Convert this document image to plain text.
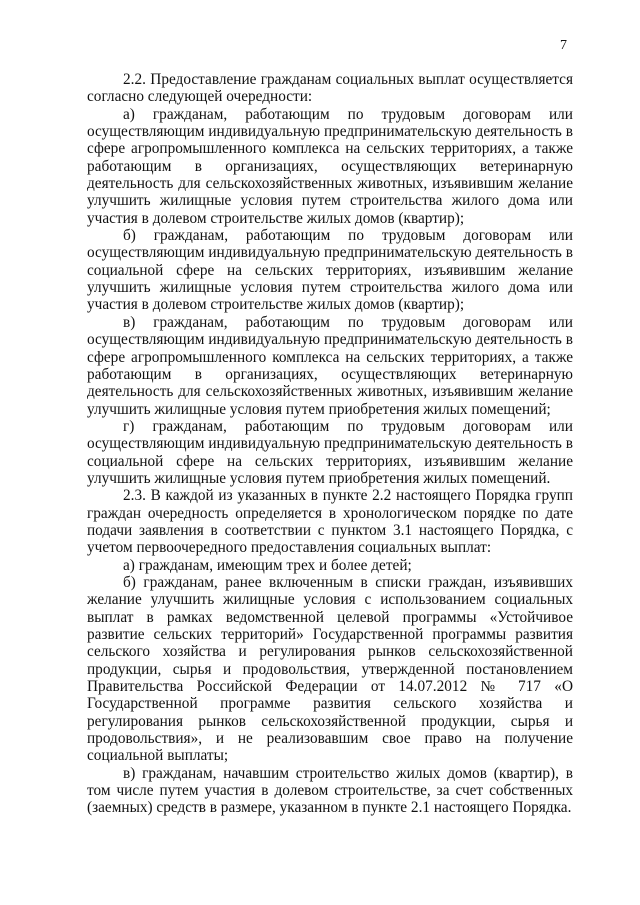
7

2.2. Предоставление гражданам социальных выплат осуществляется согласно следующей очередности:

а) гражданам, работающим по трудовым договорам или осуществляющим индивидуальную предпринимательскую деятельность в сфере агропромышленного комплекса на сельских территориях, а также работающим в организациях, осуществляющих ветеринарную деятельность для сельскохозяйственных животных, изъявившим желание улучшить жилищные условия путем строительства жилого дома или участия в долевом строительстве жилых домов (квартир);

б) гражданам, работающим по трудовым договорам или осуществляющим индивидуальную предпринимательскую деятельность в социальной сфере на сельских территориях, изъявившим желание улучшить жилищные условия путем строительства жилого дома или участия в долевом строительстве жилых домов (квартир);

в) гражданам, работающим по трудовым договорам или осуществляющим индивидуальную предпринимательскую деятельность в сфере агропромышленного комплекса на сельских территориях, а также работающим в организациях, осуществляющих ветеринарную деятельность для сельскохозяйственных животных, изъявившим желание улучшить жилищные условия путем приобретения жилых помещений;

г) гражданам, работающим по трудовым договорам или осуществляющим индивидуальную предпринимательскую деятельность в социальной сфере на сельских территориях, изъявившим желание улучшить жилищные условия путем приобретения жилых помещений.

2.3. В каждой из указанных в пункте 2.2 настоящего Порядка групп граждан очередность определяется в хронологическом порядке по дате подачи заявления в соответствии с пунктом 3.1 настоящего Порядка, с учетом первоочередного предоставления социальных выплат:

а) гражданам, имеющим трех и более детей;

б) гражданам, ранее включенным в списки граждан, изъявивших желание улучшить жилищные условия с использованием социальных выплат в рамках ведомственной целевой программы «Устойчивое развитие сельских территорий» Государственной программы развития сельского хозяйства и регулирования рынков сельскохозяйственной продукции, сырья и продовольствия, утвержденной постановлением Правительства Российской Федерации от 14.07.2012 № 717 «О Государственной программе развития сельского хозяйства и регулирования рынков сельскохозяйственной продукции, сырья и продовольствия», и не реализовавшим свое право на получение социальной выплаты;

в) гражданам, начавшим строительство жилых домов (квартир), в том числе путем участия в долевом строительстве, за счет собственных (заемных) средств в размере, указанном в пункте 2.1 настоящего Порядка.
